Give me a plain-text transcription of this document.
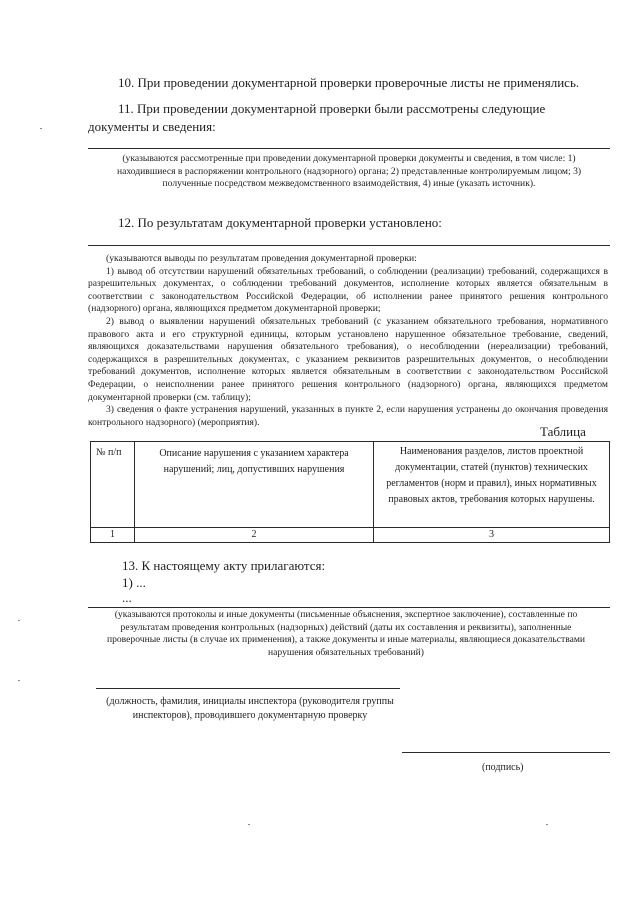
10. При проведении документарной проверки проверочные листы не применялись.
11. При проведении документарной проверки были рассмотрены следующие документы и сведения:
(указываются рассмотренные при проведении документарной проверки документы и сведения, в том числе: 1) находившиеся в распоряжении контрольного (надзорного) органа; 2) представленные контролируемым лицом; 3) полученные посредством межведомственного взаимодействия, 4) иные (указать источник).
12. По результатам документарной проверки установлено:
(указываются выводы по результатам проведения документарной проверки:
1) вывод об отсутствии нарушений обязательных требований, о соблюдении (реализации) требований, содержащихся в разрешительных документах, о соблюдении требований документов, исполнение которых является обязательным в соответствии с законодательством Российской Федерации, об исполнении ранее принятого решения контрольного (надзорного) органа, являющихся предметом документарной проверки;
2) вывод о выявлении нарушений обязательных требований (с указанием обязательного требования, нормативного правового акта и его структурной единицы, которым установлено нарушенное обязательное требование, сведений, являющихся доказательствами нарушения обязательного требования), о несоблюдении (нереализации) требований, содержащихся в разрешительных документах, с указанием реквизитов разрешительных документов, о несоблюдении требований документов, исполнение которых является обязательным в соответствии с законодательством Российской Федерации, о неисполнении ранее принятого решения контрольного (надзорного) органа, являющихся предметом документарной проверки (см. таблицу);
3) сведения о факте устранения нарушений, указанных в пункте 2, если нарушения устранены до окончания проведения контрольного надзорного) (мероприятия).
Таблица
№ п/п	Описание нарушения с указанием характера нарушений; лиц, допустивших нарушения	Наименования разделов, листов проектной документации, статей (пунктов) технических регламентов (норм и правил), иных нормативных правовых актов, требования которых нарушены.
1	2	3
13. К настоящему акту прилагаются:
1) ...
...
(указываются протоколы и иные документы (письменные объяснения, экспертное заключение), составленные по результатам проведения контрольных (надзорных) действий (даты их составления и реквизиты), заполненные проверочные листы (в случае их применения), а также документы и иные материалы, являющиеся доказательствами нарушения обязательных требований)
(должность, фамилия, инициалы инспектора (руководителя группы инспекторов), проводившего документарную проверку
(подпись)
